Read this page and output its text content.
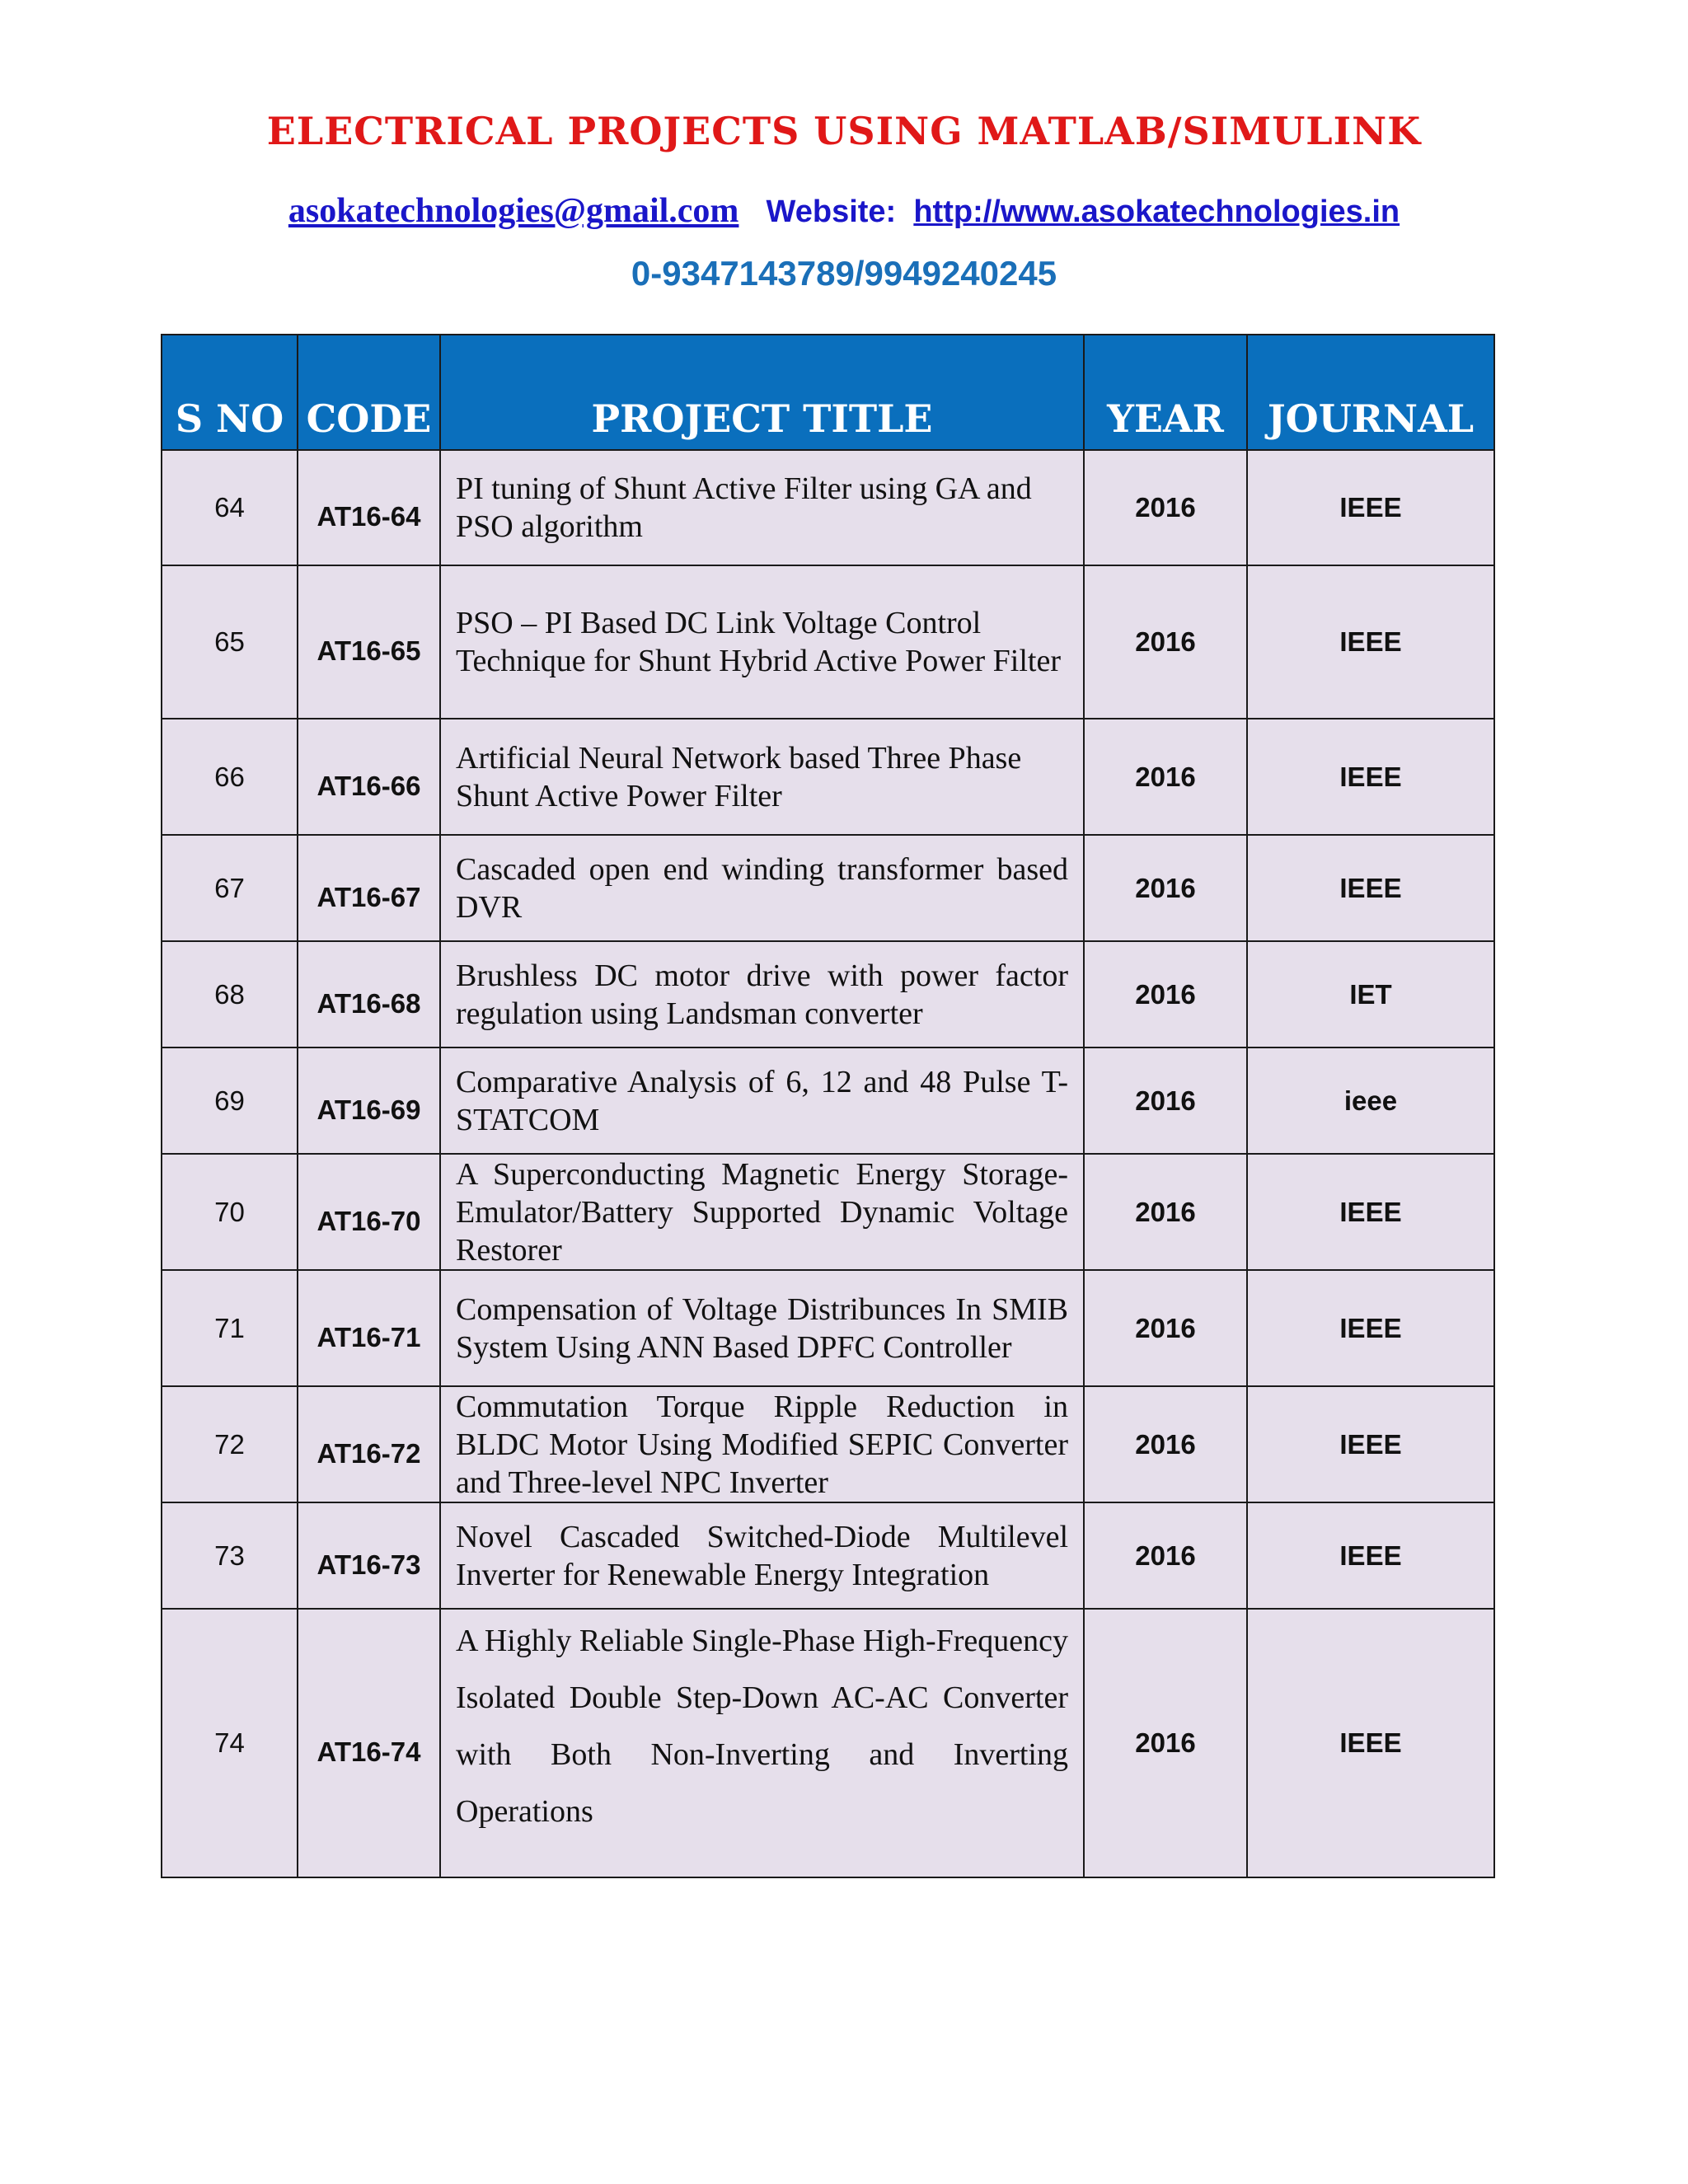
ELECTRICAL PROJECTS USING MATLAB/SIMULINK
asokatechnologies@gmail.com Website: http://www.asokatechnologies.in
0-9347143789/9949240245
S NO	CODE	PROJECT TITLE	YEAR	JOURNAL
64	AT16-64	PI tuning of Shunt Active Filter using GA and PSO algorithm	2016	IEEE
65	AT16-65	PSO – PI Based DC Link Voltage Control Technique for Shunt Hybrid Active Power Filter	2016	IEEE
66	AT16-66	Artificial Neural Network based Three Phase Shunt Active Power Filter	2016	IEEE
67	AT16-67	Cascaded open end winding transformer based DVR	2016	IEEE
68	AT16-68	Brushless DC motor drive with power factor regulation using Landsman converter	2016	IET
69	AT16-69	Comparative Analysis of 6, 12 and 48 Pulse T-STATCOM	2016	ieee
70	AT16-70	A Superconducting Magnetic Energy Storage- Emulator/Battery Supported Dynamic Voltage Restorer	2016	IEEE
71	AT16-71	Compensation of Voltage Distribunces In SMIB System Using ANN Based DPFC Controller	2016	IEEE
72	AT16-72	Commutation Torque Ripple Reduction in BLDC Motor Using Modified SEPIC Converter and Three-level NPC Inverter	2016	IEEE
73	AT16-73	Novel Cascaded Switched-Diode Multilevel Inverter for Renewable Energy Integration	2016	IEEE
74	AT16-74	A Highly Reliable Single-Phase High-Frequency Isolated Double Step-Down AC-AC Converter with Both Non-Inverting and Inverting Operations	2016	IEEE
